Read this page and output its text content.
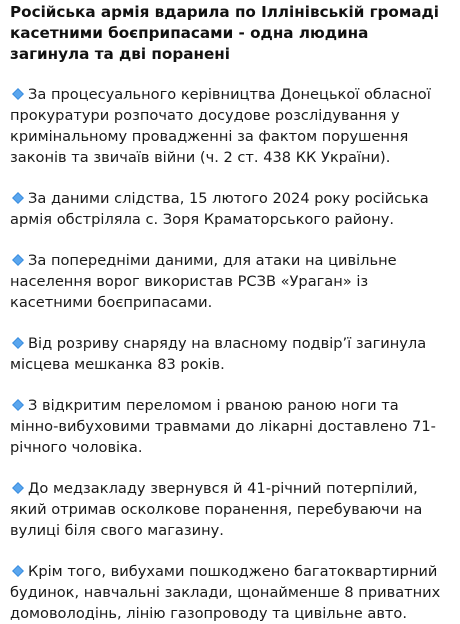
Російська армія вдарила по Іллінівській громаді касетними боєприпасами - одна людина загинула та дві поранені
За процесуального керівництва Донецької обласної прокуратури розпочато досудове розслідування у кримінальному провадженні за фактом порушення законів та звичаїв війни (ч. 2 ст. 438 КК України).
За даними слідства, 15 лютого 2024 року російська армія обстріляла с. Зоря Краматорського району.
За попередніми даними, для атаки на цивільне населення ворог використав РСЗВ «Ураган» із касетними боєприпасами.
Від розриву снаряду на власному подвір’ї загинула місцева мешканка 83 років.
З відкритим переломом і рваною раною ноги та мінно-вибуховими травмами до лікарні доставлено 71-річного чоловіка.
До медзакладу звернувся й 41-річний потерпілий, який отримав осколкове поранення, перебуваючи на вулиці біля свого магазину.
Крім того, вибухами пошкоджено багатоквартирний будинок, навчальні заклади, щонайменше 8 приватних домоволодінь, лінію газопроводу та цивільне авто.
